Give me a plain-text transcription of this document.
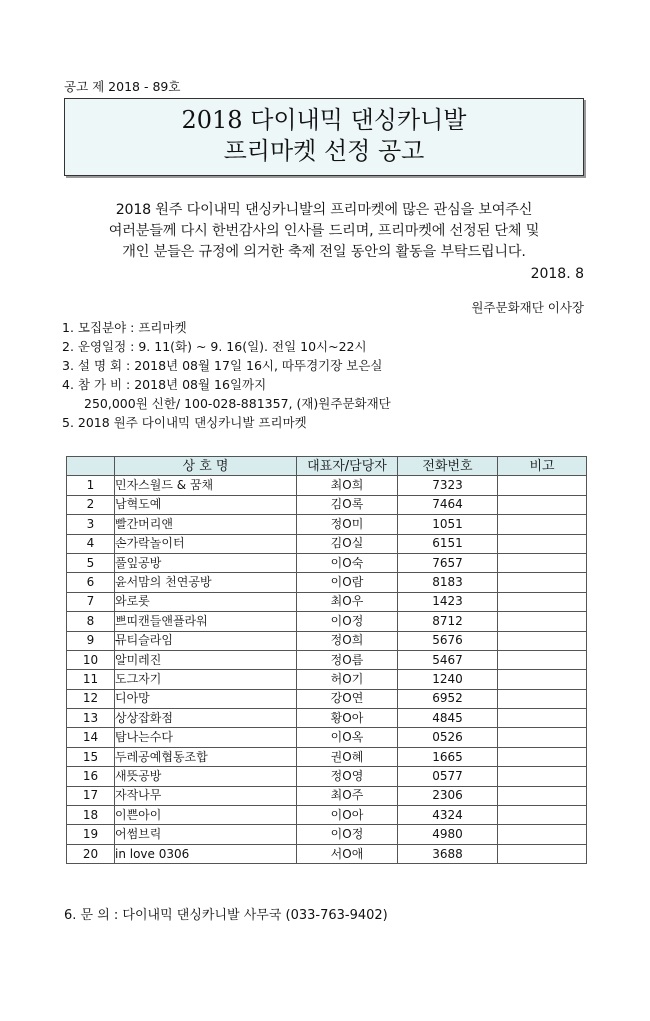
공고 제 2018 - 89호
2018 다이내믹 댄싱카니발
프리마켓 선정 공고
2018 원주 다이내믹 댄싱카니발의 프리마켓에 많은 관심을 보여주신
여러분들께 다시 한번감사의 인사를 드리며, 프리마켓에 선정된 단체 및
개인 분들은 규정에 의거한 축제 전일 동안의 활동을 부탁드립니다.
2018. 8
원주문화재단 이사장
1. 모집분야 : 프리마켓
2. 운영일정 : 9. 11(화) ~ 9. 16(일). 전일 10시~22시
3. 설 명 회 : 2018년 08월 17일 16시, 따뚜경기장 보은실
4. 참 가 비 : 2018년 08월 16일까지
250,000원 신한/ 100-028-881357, (재)원주문화재단
5. 2018 원주 다이내믹 댄싱카니발 프리마켓
	상 호 명	대표자/담당자	전화번호	비고
1	민자스월드 & 꿈채	최O희	7323	
2	남혁도예	김O록	7464	
3	빨간머리앤	정O미	1051	
4	손가락놀이터	김O실	6151	
5	풀잎공방	이O숙	7657	
6	윤서맘의 천연공방	이O람	8183	
7	와로롯	최O우	1423	
8	쁘띠캔들앤플라워	이O정	8712	
9	뮤티슬라임	정O희	5676	
10	알미레진	정O름	5467	
11	도그자기	허O기	1240	
12	디아망	강O연	6952	
13	상상잡화점	황O아	4845	
14	탐나는수다	이O옥	0526	
15	두레공예협동조합	권O혜	1665	
16	새뜻공방	정O영	0577	
17	자작나무	최O주	2306	
18	이쁜아이	이O아	4324	
19	어썸브릭	이O정	4980	
20	in love 0306	서O애	3688	
6. 문 의 : 다이내믹 댄싱카니발 사무국 (033-763-9402)
